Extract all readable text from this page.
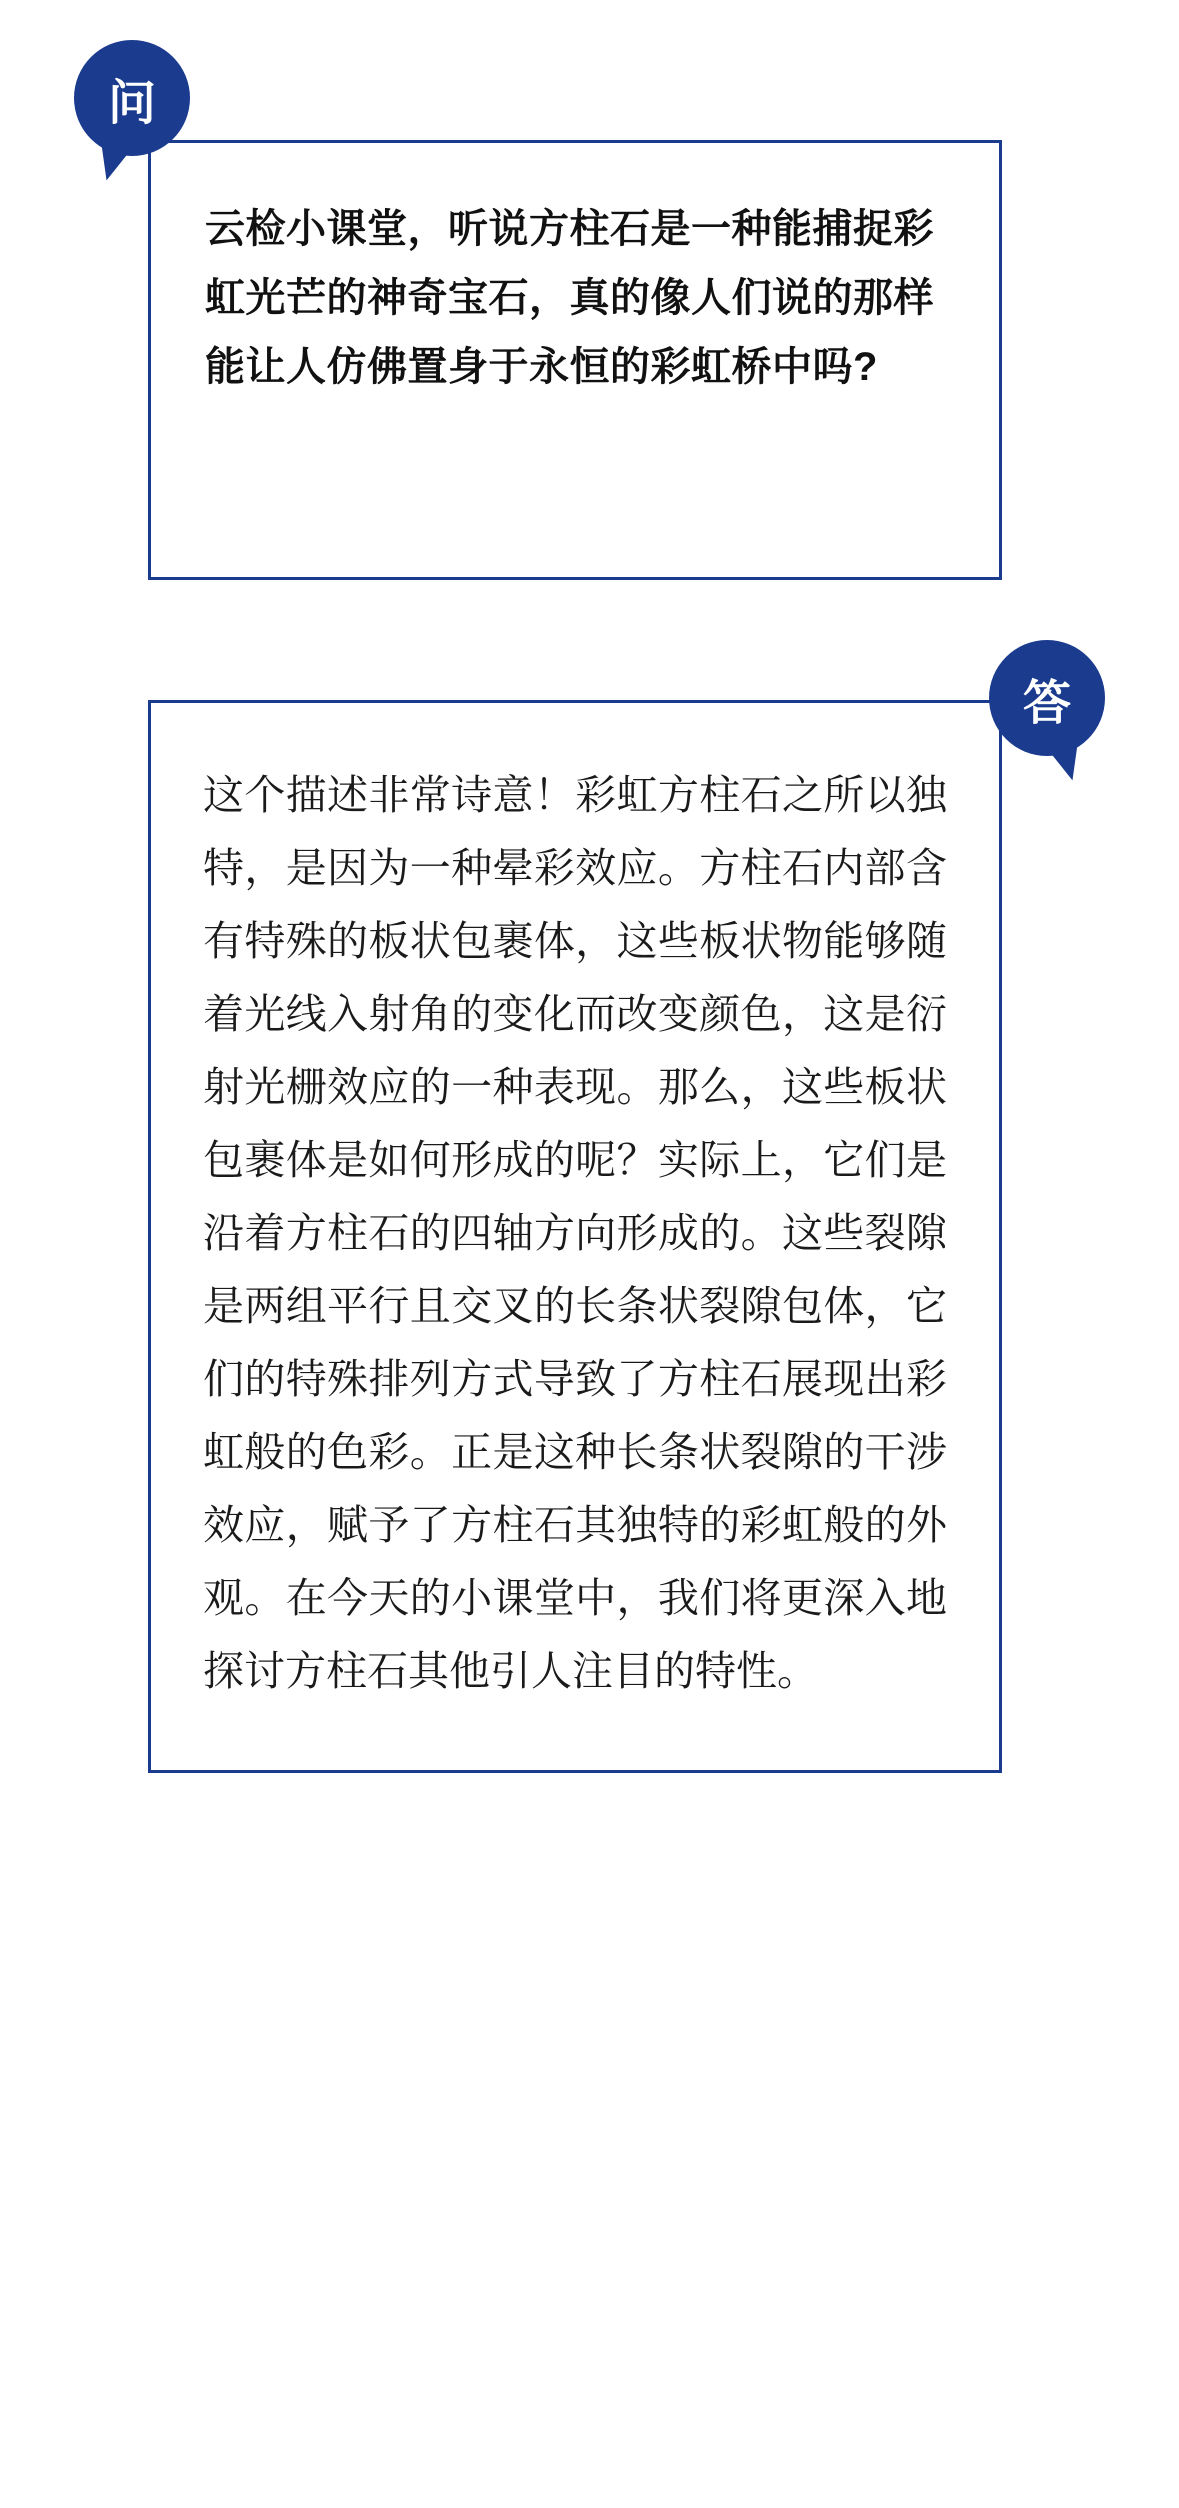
问
云检小课堂，听说方柱石是一种能捕捉彩虹光芒的神奇宝石，真的像人们说的那样能让人仿佛置身于永恒的彩虹桥中吗?
答
这个描述非常诗意！彩虹方柱石之所以独特，是因为一种晕彩效应。方柱石内部含有特殊的板状包裹体，这些板状物能够随着光线入射角的变化而改变颜色，这是衍射光栅效应的一种表现。那么，这些板状包裹体是如何形成的呢？实际上，它们是沿着方柱石的四轴方向形成的。这些裂隙是两组平行且交叉的长条状裂隙包体，它们的特殊排列方式导致了方柱石展现出彩虹般的色彩。正是这种长条状裂隙的干涉效应，赋予了方柱石其独特的彩虹般的外观。在今天的小课堂中，我们将更深入地探讨方柱石其他引人注目的特性。
